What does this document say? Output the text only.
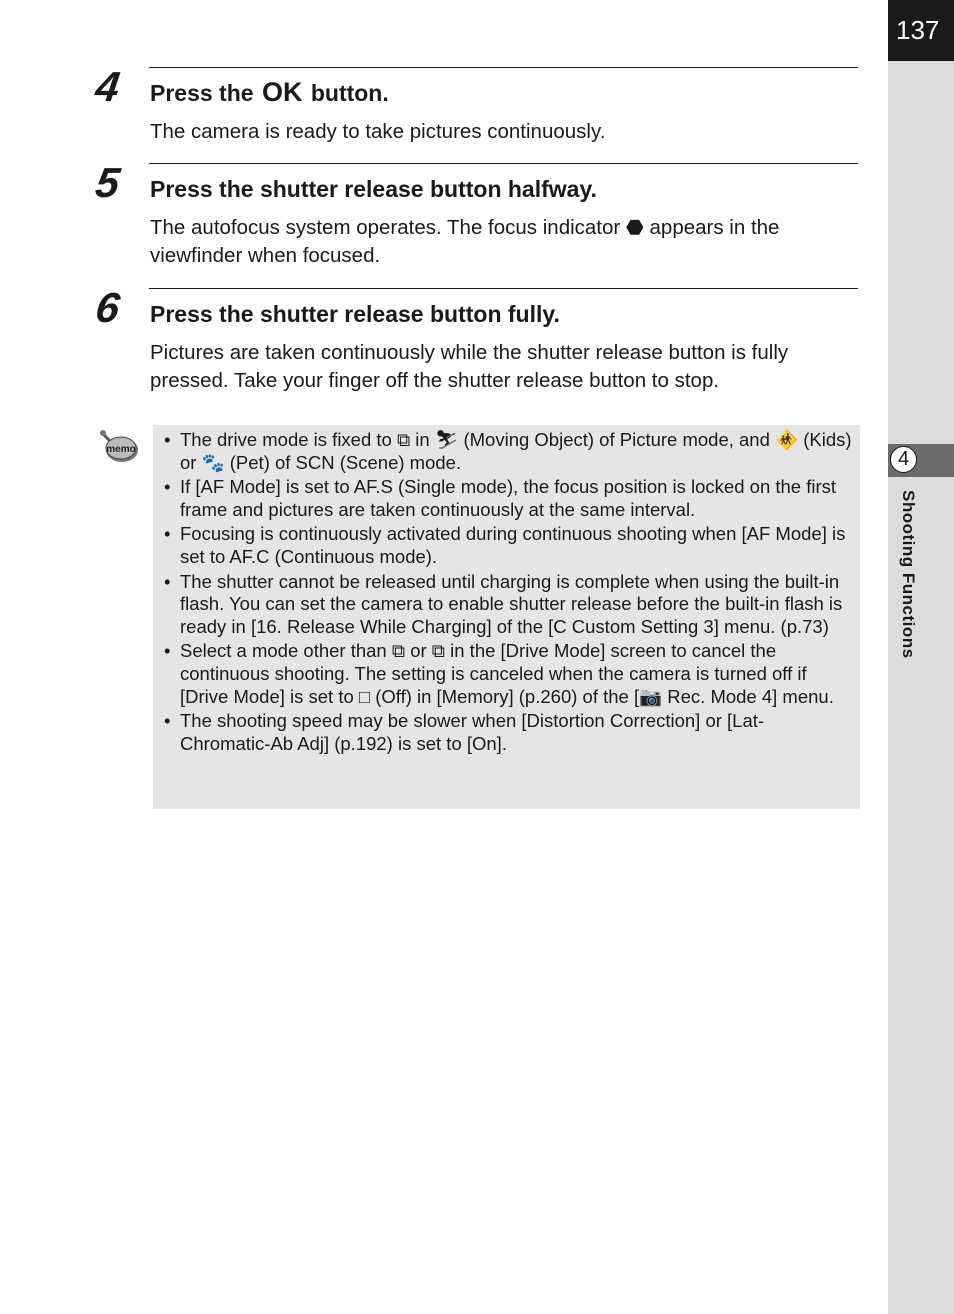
137
4
Shooting Functions
4 Press the OK button.
The camera is ready to take pictures continuously.
5 Press the shutter release button halfway.
The autofocus system operates. The focus indicator ⬣ appears in the viewfinder when focused.
6 Press the shutter release button fully.
Pictures are taken continuously while the shutter release button is fully pressed. Take your finger off the shutter release button to stop.
memo
•	The drive mode is fixed to ⧉ in ⛷ (Moving Object) of Picture mode, and 🚸 (Kids) or 🐾 (Pet) of SCN (Scene) mode.
• If [AF Mode] is set to AF.S (Single mode), the focus position is locked on the first frame and pictures are taken continuously at the same interval.
• Focusing is continuously activated during continuous shooting when [AF Mode] is set to AF.C (Continuous mode).
• The shutter cannot be released until charging is complete when using the built-in flash. You can set the camera to enable shutter release before the built-in flash is ready in [16. Release While Charging] of the [C Custom Setting 3] menu. (p.73)
• Select a mode other than ⧉ or ⧉ in the [Drive Mode] screen to cancel the continuous shooting. The setting is canceled when the camera is turned off if [Drive Mode] is set to □ (Off) in [Memory] (p.260) of the [📷 Rec. Mode 4] menu.
• The shooting speed may be slower when [Distortion Correction] or [Lat-Chromatic-Ab Adj] (p.192) is set to [On].
